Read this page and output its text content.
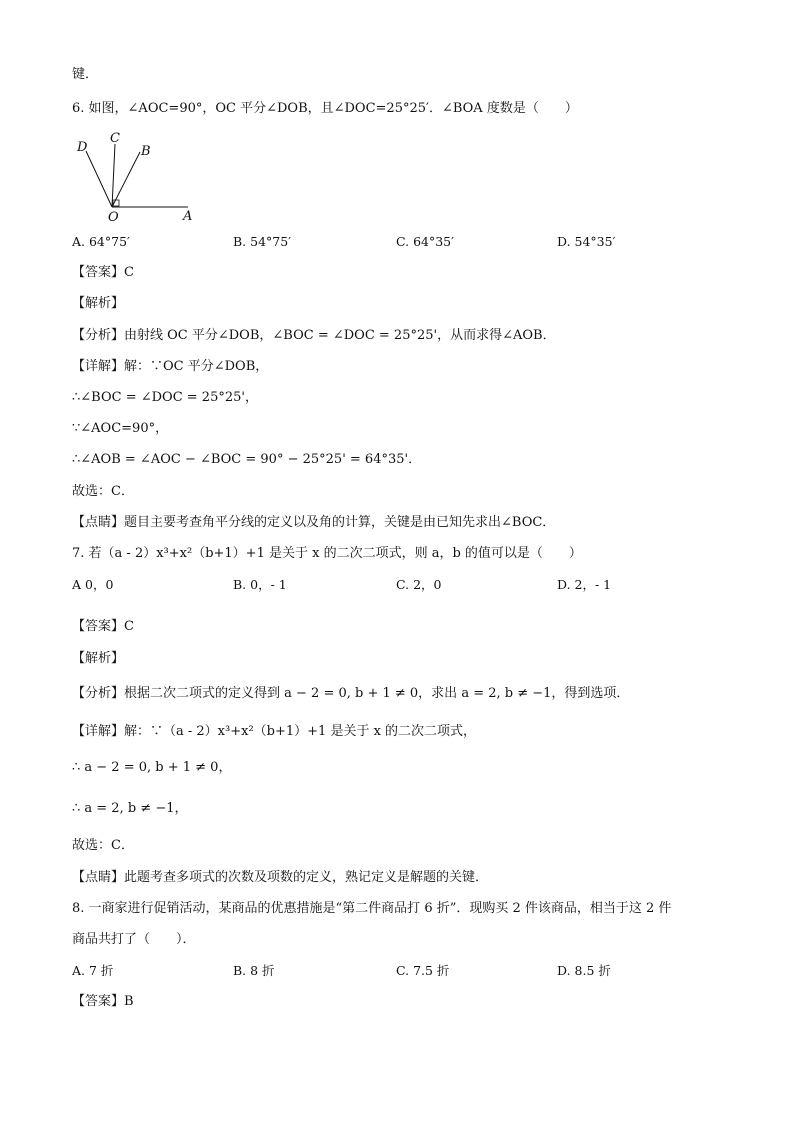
键．
6. 如图，∠AOC=90°，OC 平分∠DOB，且∠DOC=25°25′．∠BOA 度数是（　　）
D
C
B
O	A
A. 64°75′	B. 54°75′	C. 64°35′	D. 54°35′
【答案】C
【解析】
【分析】由射线 OC 平分∠DOB，∠BOC = ∠DOC = 25°25'，从而求得∠AOB．
【详解】解：∵OC 平分∠DOB，
∴∠BOC = ∠DOC = 25°25'，
∵∠AOC=90°，
∴∠AOB = ∠AOC − ∠BOC = 90° − 25°25' = 64°35'．
故选：C．
【点睛】题目主要考查角平分线的定义以及角的计算，关键是由已知先求出∠BOC．
7. 若（a - 2）x³+x²（b+1）+1 是关于 x 的二次二项式，则 a，b 的值可以是（　　）
A 0，0	B. 0，- 1	C. 2，0	D. 2，- 1
【答案】C
【解析】
【分析】根据二次二项式的定义得到 a − 2 = 0, b + 1 ≠ 0，求出 a = 2, b ≠ −1，得到选项．
【详解】解：∵（a - 2）x³+x²（b+1）+1 是关于 x 的二次二项式，
∴ a − 2 = 0, b + 1 ≠ 0，
∴ a = 2, b ≠ −1，
故选：C．
【点睛】此题考查多项式的次数及项数的定义，熟记定义是解题的关键．
8. 一商家进行促销活动，某商品的优惠措施是“第二件商品打 6 折”．现购买 2 件该商品，相当于这 2 件
商品共打了（　　）．
A. 7 折	B. 8 折	C. 7.5 折	D. 8.5 折
【答案】B
